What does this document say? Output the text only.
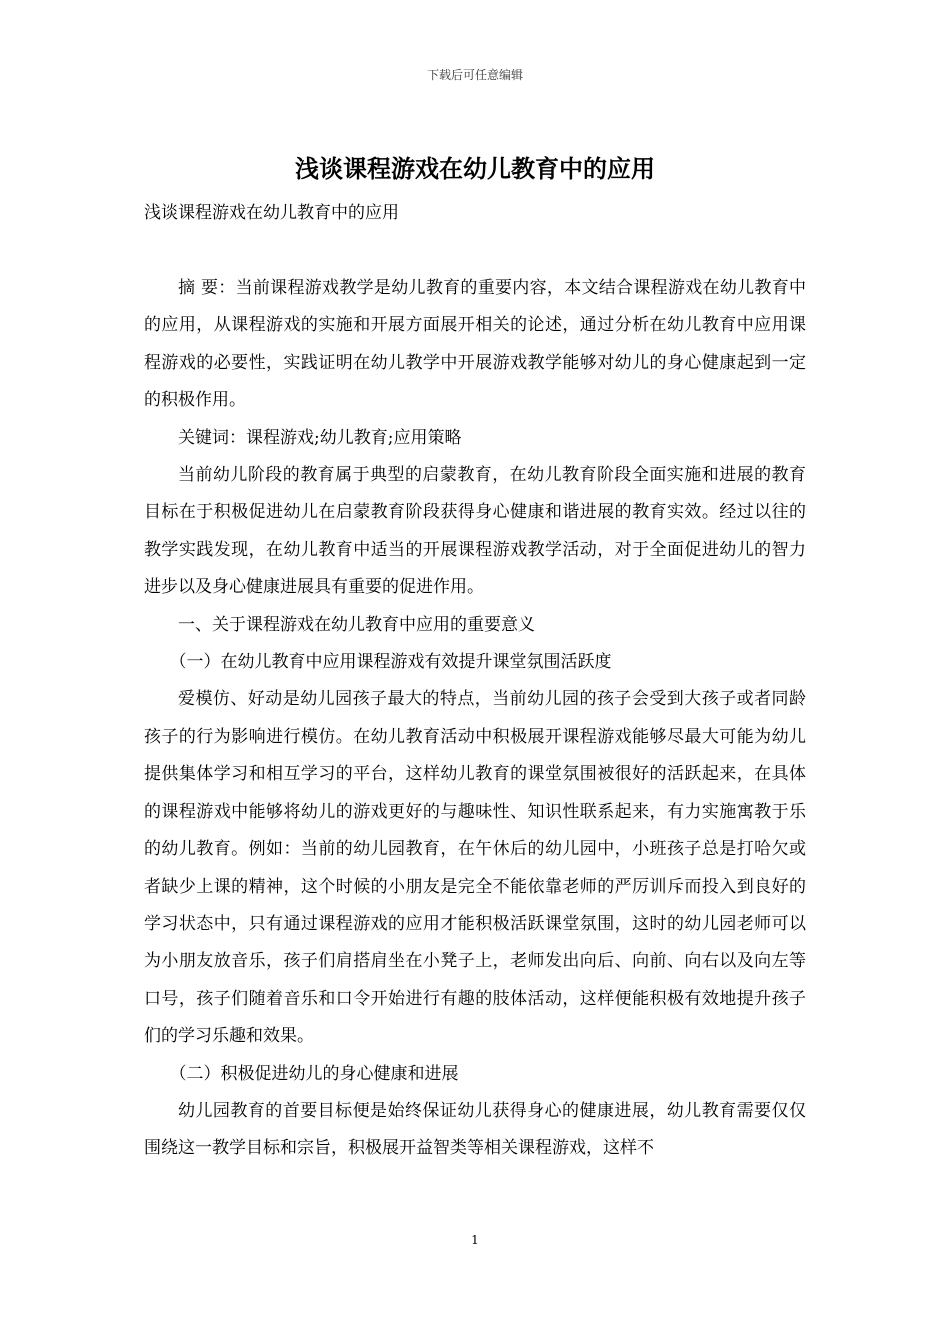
下载后可任意编辑
浅谈课程游戏在幼儿教育中的应用
浅谈课程游戏在幼儿教育中的应用

摘 要：当前课程游戏教学是幼儿教育的重要内容，本文结合课程游戏在幼儿教育中的应用，从课程游戏的实施和开展方面展开相关的论述，通过分析在幼儿教育中应用课程游戏的必要性，实践证明在幼儿教学中开展游戏教学能够对幼儿的身心健康起到一定的积极作用。

关键词：课程游戏;幼儿教育;应用策略

当前幼儿阶段的教育属于典型的启蒙教育，在幼儿教育阶段全面实施和进展的教育目标在于积极促进幼儿在启蒙教育阶段获得身心健康和谐进展的教育实效。经过以往的教学实践发现，在幼儿教育中适当的开展课程游戏教学活动，对于全面促进幼儿的智力进步以及身心健康进展具有重要的促进作用。

一、关于课程游戏在幼儿教育中应用的重要意义

（一）在幼儿教育中应用课程游戏有效提升课堂氛围活跃度

爱模仿、好动是幼儿园孩子最大的特点，当前幼儿园的孩子会受到大孩子或者同龄孩子的行为影响进行模仿。在幼儿教育活动中积极展开课程游戏能够尽最大可能为幼儿提供集体学习和相互学习的平台，这样幼儿教育的课堂氛围被很好的活跃起来，在具体的课程游戏中能够将幼儿的游戏更好的与趣味性、知识性联系起来，有力实施寓教于乐的幼儿教育。例如：当前的幼儿园教育，在午休后的幼儿园中，小班孩子总是打哈欠或者缺少上课的精神，这个时候的小朋友是完全不能依靠老师的严厉训斥而投入到良好的学习状态中，只有通过课程游戏的应用才能积极活跃课堂氛围，这时的幼儿园老师可以为小朋友放音乐，孩子们肩搭肩坐在小凳子上，老师发出向后、向前、向右以及向左等口号，孩子们随着音乐和口令开始进行有趣的肢体活动，这样便能积极有效地提升孩子们的学习乐趣和效果。

（二）积极促进幼儿的身心健康和进展

幼儿园教育的首要目标便是始终保证幼儿获得身心的健康进展，幼儿教育需要仅仅围绕这一教学目标和宗旨，积极展开益智类等相关课程游戏，这样不

1
